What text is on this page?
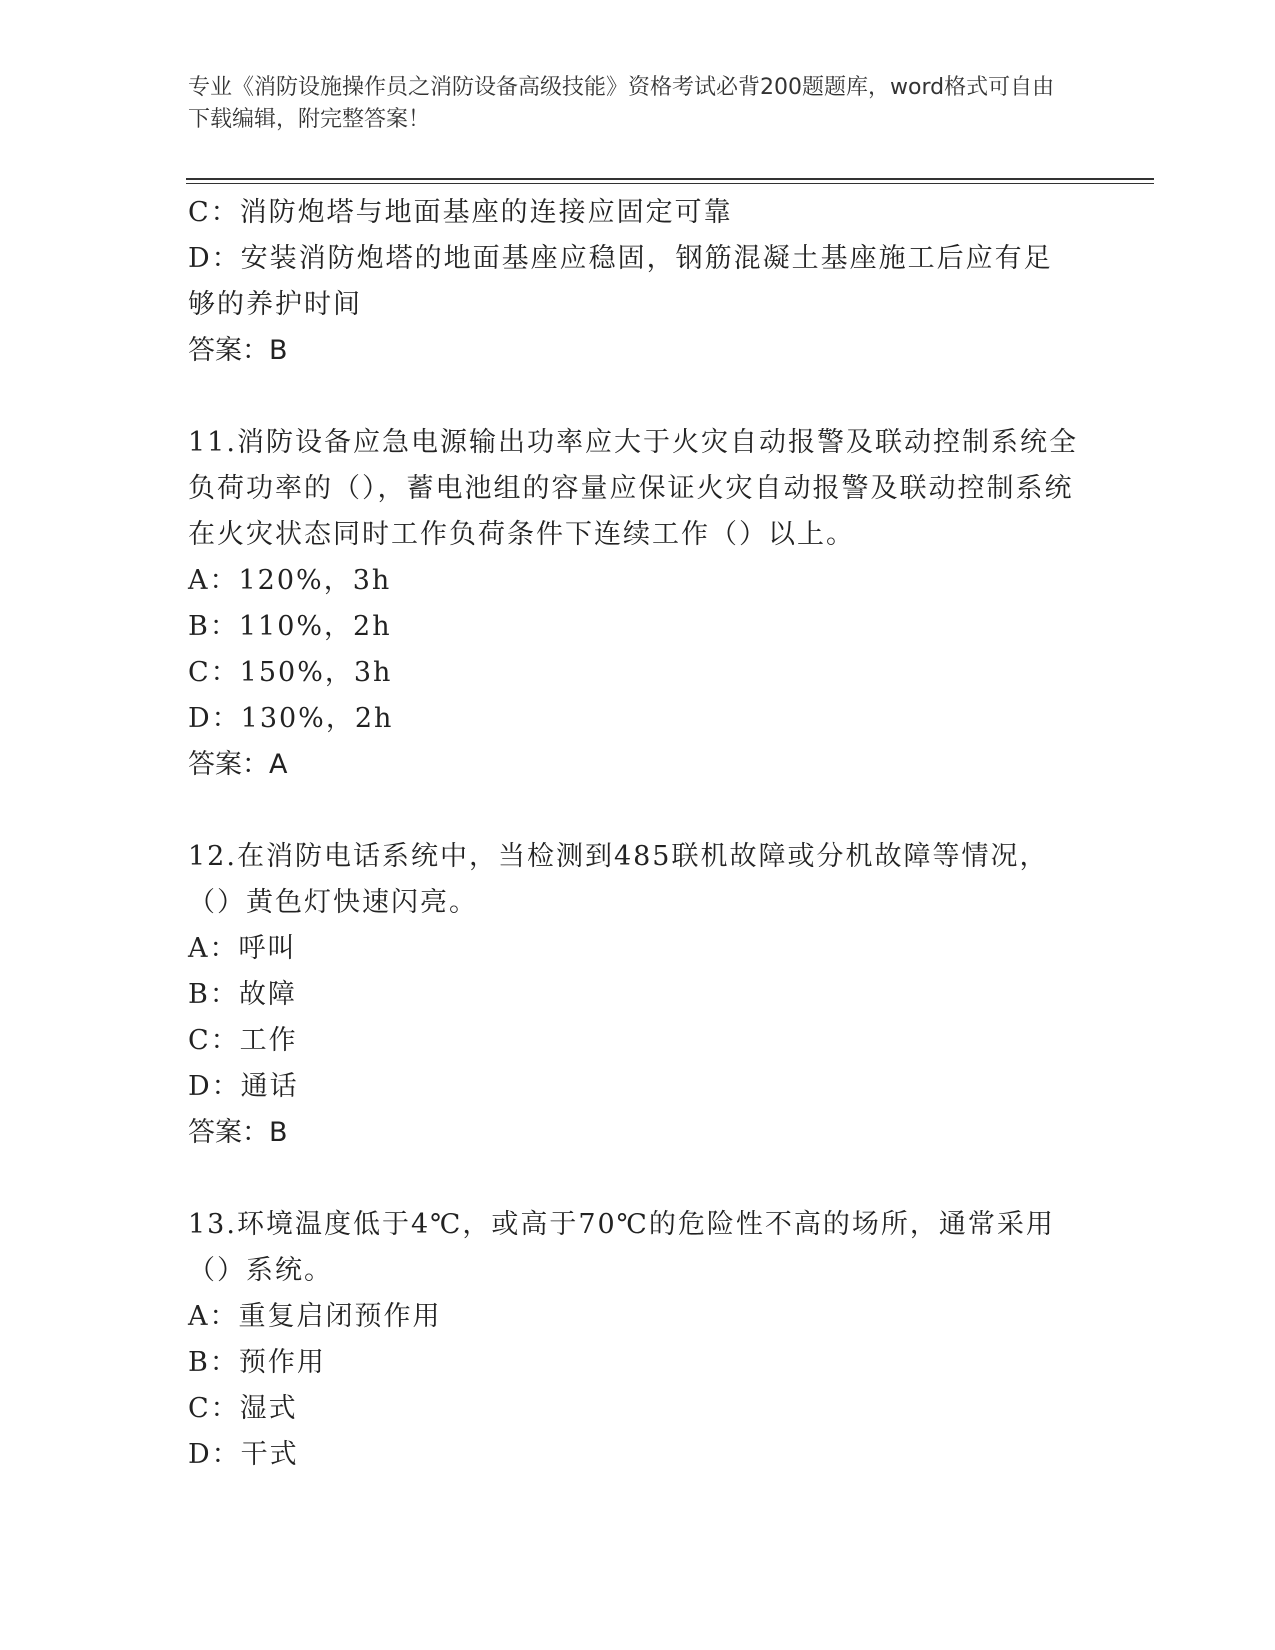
专业《消防设施操作员之消防设备高级技能》资格考试必背200题题库，word格式可自由下载编辑，附完整答案！

C：消防炮塔与地面基座的连接应固定可靠

D：安装消防炮塔的地面基座应稳固，钢筋混凝土基座施工后应有足够的养护时间

答案：B

11.消防设备应急电源输出功率应大于火灾自动报警及联动控制系统全负荷功率的（），蓄电池组的容量应保证火灾自动报警及联动控制系统在火灾状态同时工作负荷条件下连续工作（）以上。

A：120%，3h

B：110%，2h

C：150%，3h

D：130%，2h

答案：A

12.在消防电话系统中，当检测到485联机故障或分机故障等情况，（）黄色灯快速闪亮。

A：呼叫

B：故障

C：工作

D：通话

答案：B

13.环境温度低于4℃，或高于70℃的危险性不高的场所，通常采用（）系统。

A：重复启闭预作用

B：预作用

C：湿式

D：干式
